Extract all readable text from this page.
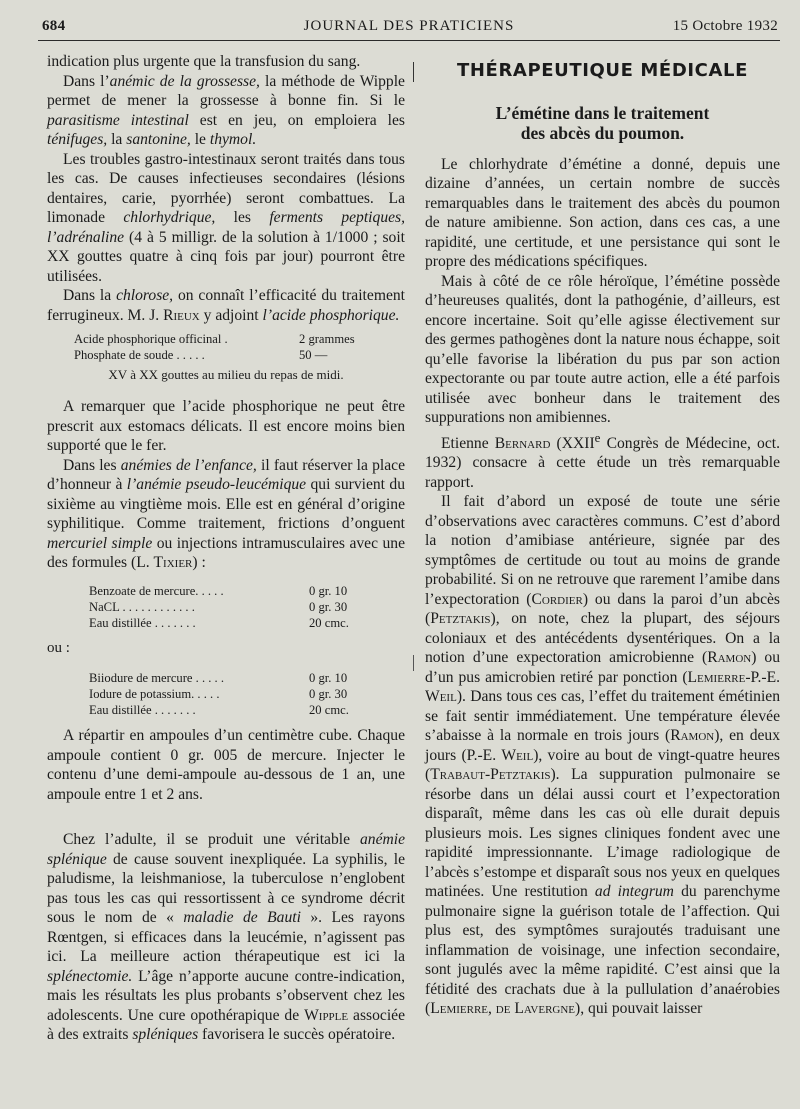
684	JOURNAL DES PRATICIENS	15 Octobre 1932

indication plus urgente que la transfusion du sang.

Dans l’anémic de la grossesse, la méthode de Wipple permet de mener la grossesse à bonne fin. Si le parasitisme intestinal est en jeu, on emploiera les ténifuges, la santonine, le thymol.

Les troubles gastro-intestinaux seront traités dans tous les cas. De causes infectieuses secondaires (lésions dentaires, carie, pyorrhée) seront combattues. La limonade chlorhydrique, les ferments peptiques, l’adrénaline (4 à 5 milligr. de la solution à 1/1000 ; soit XX gouttes quatre à cinq fois par jour) pourront être utilisées.

Dans la chlorose, on connaît l’efficacité du traitement ferrugineux. M. J. Rieux y adjoint l’acide phosphorique.

Acide phosphorique officinal .	2 grammes
Phosphate de soude . . . . .	50 —
XV à XX gouttes au milieu du repas de midi.

A remarquer que l’acide phosphorique ne peut être prescrit aux estomacs délicats. Il est encore moins bien supporté que le fer.

Dans les anémies de l’enfance, il faut réserver la place d’honneur à l’anémie pseudo-leucémique qui survient du sixième au vingtième mois. Elle est en général d’origine syphilitique. Comme traitement, frictions d’onguent mercuriel simple ou injections intramusculaires avec une des formules (L. Tixier) :

Benzoate de mercure. . . . .	0 gr. 10
NaCL . . . . . . . . . . . .	0 gr. 30
Eau distillée . . . . . . .	20 cmc.
ou :
Biiodure de mercure . . . . .	0 gr. 10
Iodure de potassium. . . . .	0 gr. 30
Eau distillée . . . . . . .	20 cmc.

A répartir en ampoules d’un centimètre cube. Chaque ampoule contient 0 gr. 005 de mercure. Injecter le contenu d’une demi-ampoule au-dessous de 1 an, une ampoule entre 1 et 2 ans.

Chez l’adulte, il se produit une véritable anémie splénique de cause souvent inexpliquée. La syphilis, le paludisme, la leishmaniose, la tuberculose n’englobent pas tous les cas qui ressortissent à ce syndrome décrit sous le nom de « maladie de Bauti ». Les rayons Rœntgen, si efficaces dans la leucémie, n’agissent pas ici. La meilleure action thérapeutique est ici la splénectomie. L’âge n’apporte aucune contre-indication, mais les résultats les plus probants s’observent chez les adolescents. Une cure opothérapique de Wipple associée à des extraits spléniques favorisera le succès opératoire.

THÉRAPEUTIQUE MÉDICALE
L’émétine dans le traitement
des abcès du poumon.

Le chlorhydrate d’émétine a donné, depuis une dizaine d’années, un certain nombre de succès remarquables dans le traitement des abcès du poumon de nature amibienne. Son action, dans ces cas, a une rapidité, une certitude, et une persistance qui sont le propre des médications spécifiques.

Mais à côté de ce rôle héroïque, l’émétine possède d’heureuses qualités, dont la pathogénie, d’ailleurs, est encore incertaine. Soit qu’elle agisse électivement sur des germes pathogènes dont la nature nous échappe, soit qu’elle favorise la libération du pus par son action expectorante ou par toute autre action, elle a été parfois utilisée avec bonheur dans le traitement des suppurations non amibiennes.

Etienne Bernard (XXIIe Congrès de Médecine, oct. 1932) consacre à cette étude un très remarquable rapport.

Il fait d’abord un exposé de toute une série d’observations avec caractères communs. C’est d’abord la notion d’amibiase antérieure, signée par des symptômes de certitude ou tout au moins de grande probabilité. Si on ne retrouve que rarement l’amibe dans l’expectoration (Cordier) ou dans la paroi d’un abcès (Petztakis), on note, chez la plupart, des séjours coloniaux et des antécédents dysentériques. On a la notion d’une expectoration amicrobienne (Ramon) ou d’un pus amicrobien retiré par ponction (Lemierre-P.-E. Weil). Dans tous ces cas, l’effet du traitement émétinien se fait sentir immédiatement. Une température élevée s’abaisse à la normale en trois jours (Ramon), en deux jours (P.-E. Weil), voire au bout de vingt-quatre heures (Trabaut-Petztakis). La suppuration pulmonaire se résorbe dans un délai aussi court et l’expectoration disparaît, même dans les cas où elle durait depuis plusieurs mois. Les signes cliniques fondent avec une rapidité impressionnante. L’image radiologique de l’abcès s’estompe et disparaît sous nos yeux en quelques matinées. Une restitution ad integrum du parenchyme pulmonaire signe la guérison totale de l’affection. Qui plus est, des symptômes surajoutés traduisant une inflammation de voisinage, une infection secondaire, sont jugulés avec la même rapidité. C’est ainsi que la fétidité des crachats due à la pullulation d’anaérobies (Lemierre, de Lavergne), qui pouvait laisser
